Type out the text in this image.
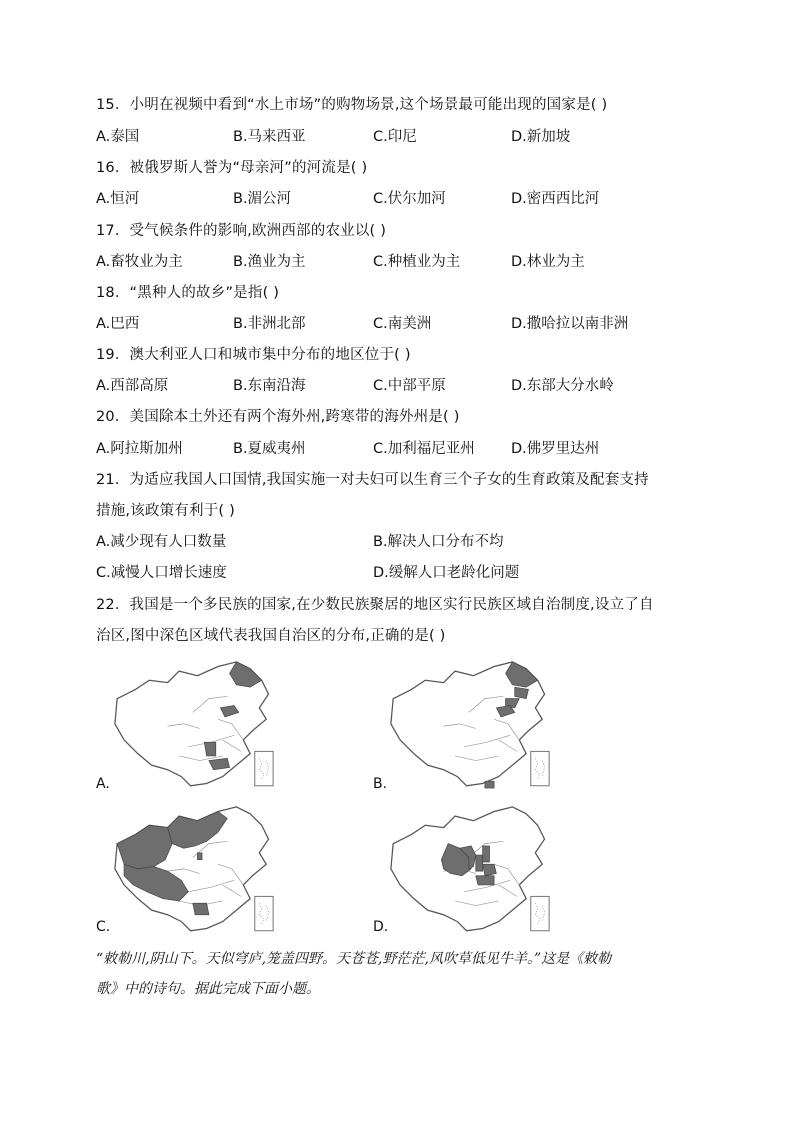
15．小明在视频中看到“水上市场”的购物场景,这个场景最可能出现的国家是( )
A.泰国	B.马来西亚	C.印尼	D.新加坡
16．被俄罗斯人誉为“母亲河”的河流是( )
A.恒河	B.湄公河	C.伏尔加河	D.密西西比河
17．受气候条件的影响,欧洲西部的农业以( )
A.畜牧业为主	B.渔业为主	C.种植业为主	D.林业为主
18．“黑种人的故乡”是指( )
A.巴西	B.非洲北部	C.南美洲	D.撒哈拉以南非洲
19．澳大利亚人口和城市集中分布的地区位于( )
A.西部高原	B.东南沿海	C.中部平原	D.东部大分水岭
20．美国除本土外还有两个海外州,跨寒带的海外州是( )
A.阿拉斯加州	B.夏威夷州	C.加利福尼亚州	D.佛罗里达州
21．为适应我国人口国情,我国实施一对夫妇可以生育三个子女的生育政策及配套支持
措施,该政策有利于( )
A.减少现有人口数量	B.解决人口分布不均
C.减慢人口增长速度	D.缓解人口老龄化问题
22．我国是一个多民族的国家,在少数民族聚居的地区实行民族区域自治制度,设立了自
治区,图中深色区域代表我国自治区的分布,正确的是( )
A.	B.
C.	D.
“敕勒川,阴山下。天似穹庐,笼盖四野。天苍苍,野茫茫,风吹草低见牛羊。”这是《敕勒
歌》中的诗句。据此完成下面小题。
